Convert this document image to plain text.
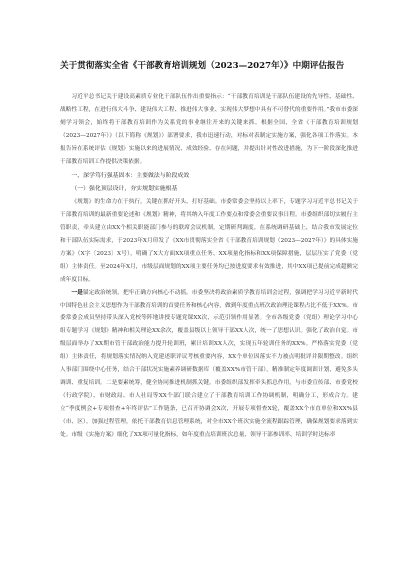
关于贯彻落实全省《干部教育培训规划（2023—2027年）》中期评估报告

习近平总书记关于建设高素质专业化干部队伍作出重要指示：“干部教育培训是干部队伍建设的先导性、基础性、战略性工程，在进行伟大斗争、建设伟大工程、推进伟大事业、实现伟大梦想中具有不可替代的重要作用。”我市市委深刻学习领会，始终将干部教育培训作为关系党的事业继往开来的关键来抓。根据全国、全省《干部教育培训规划（2023—2027年）》（以下简称《规划》）部署要求，我市迅速行动，对标对表制定实施方案，强化各项工作落实。本报告旨在系统评估《规划》实施以来的进展情况、成效经验、存在问题，并提出针对性改进措施，为下一阶段深化推进干部教育培训工作提供决策依据。

一、深学笃行强基固本：主要做法与阶段成效

（一）强化顶层设计，夯实规划实施根基

《规划》的生命力在于执行，关键在抓好开头、打好基础。市委常委会坚持以上率下，专题学习习近平总书记关于干部教育培训的最新重要论述和《规划》精神，将其纳入年度工作要点和常委会重要议事日程。市委组织部切实履行主管职责，牵头建立由XX个相关职能部门参与的联席会议机制，定期研判调度。在系统调研基础上，结合我市发展定位和干部队伍实际需求，于2023年X月印发了《XX市贯彻落实全省《干部教育培训规划（2023—2027年）》的具体实施方案》（X字〔2023〕X号），明确了X大方面XX项重点任务、XX项量化指标和XX项保障措施，层层压实了党委（党组）主体责任。至2024年X月，市级层面规划的XX项主要任务均已按进度要求有效推进，其中XX项已提前完成超额完成年度目标。

一是锚定政治统领，把牢正确方向核心不动摇。市委坚决将政治素质学教育培训会过程，强调把学习习近平新时代中国特色社会主义思想作为干部教育培训的首要任务和核心内容，做到年度重点班次政治理论课程占比不低于XX%。市委常委会成员坚持带头深入党校等阵地讲授专题党课XX次，示范引领作用显著。全市各级党委（党组）理论学习中心组专题学习《规划》精神和相关理论XX余次，覆盖县级以上领导干部XX人次，统一了思想认识。强化了政治自觉。市级层面举办了XX期市管干部政治能力提升轮训班，累计培训XX人次，实现五年轮训任务的XX%。严格落实党委（党组）主体责任，将规划落实情况纳入党建述职评议考核重要内容，XX个单位因落实不力被点明批评并限期整改。组织人事部门围绕中心任务，结合干部状况实施素养调研数据库（覆盖XX%市管干部），精准制定年度调训计划，避免多头调训、重复培训。二是要素统筹，健全协同推进机制抓关键。市委组织部发挥牵头抓总作用，与市委宣传部、市委党校（行政学院）、市财政局、市人社局等XX个部门联合建立了干部教育培训工作协调机制，明确分工，形成合力。建立“季度例会+专项督查+年终评估”工作链条，已召开协调会X次，开展专项督查X轮，覆盖XX个市直单位和XX%县（市、区）。加强过程管理，依托干部教育信息管理系统，对全市XX个班次实施全流程跟踪管理，确保规划要求落到实处。市级《实施方案》细化了XX项可量化指标，如年度重点培训班次总量、领导干部参训率、培训学时达标率
